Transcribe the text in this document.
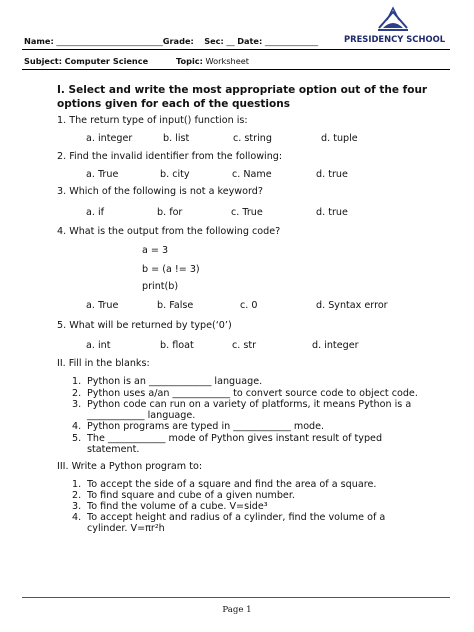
PRESIDENCY SCHOOL
Name: __________________________Grade: Sec: __ Date: _____________
Subject: Computer Science	Topic: Worksheet
I. Select and write the most appropriate option out of the four options given for each of the questions
1. The return type of input() function is:
a. integer	b. list	c. string	d. tuple
2. Find the invalid identifier from the following:
a. True	b. city	c. Name	d. true
3. Which of the following is not a keyword?
a. if	b. for	c. True	d. true
4. What is the output from the following code?
a = 3
b = (a != 3)
print(b)
a. True	b. False	c. 0	d. Syntax error
5. What will be returned by type(‘0’)
a. int	b. float	c. str	d. integer
II. Fill in the blanks:
1. Python is an _____________ language.
2. Python uses a/an ____________ to convert source code to object code.
3. Python code can run on a variety of platforms, it means Python is a ____________ language.
4. Python programs are typed in ____________ mode.
5. The ____________ mode of Python gives instant result of typed statement.
III. Write a Python program to:
1. To accept the side of a square and find the area of a square.
2. To find square and cube of a given number.
3. To find the volume of a cube. V=side³
4. To accept height and radius of a cylinder, find the volume of a cylinder. V=πr²h
Page 1
